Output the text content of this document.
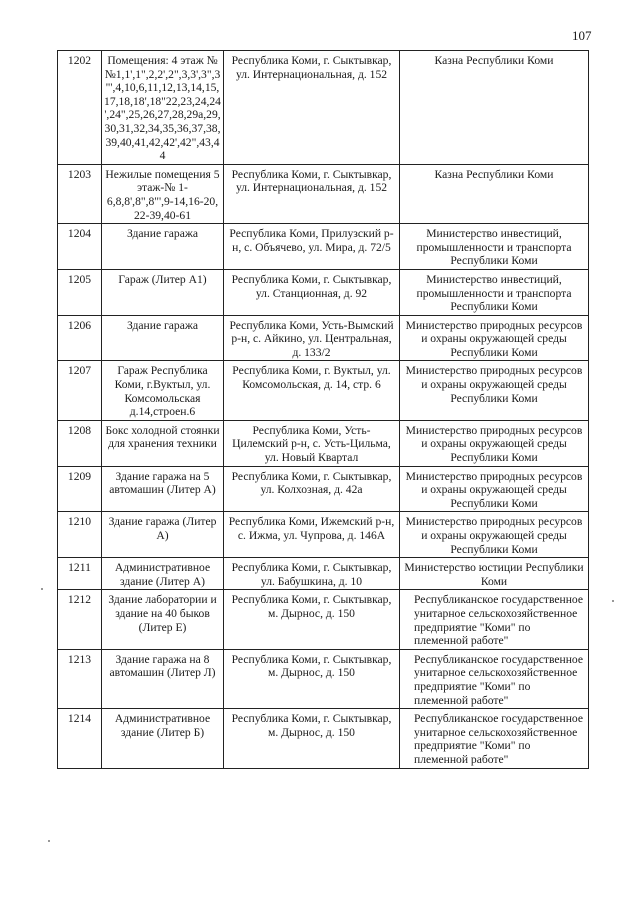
107
1202	Помещения: 4 этаж №№1,1',1",2,2',2",3,3',3",3"',4,10,6,11,12,13,14,15,17,18,18',18"22,23,24,24',24",25,26,27,28,29а,29,30,31,32,34,35,36,37,38,39,40,41,42,42',42",43,44	Республика Коми, г. Сыктывкар, ул. Интернациональная, д. 152	Казна Республики Коми
1203	Нежилые помещения 5 этаж-№ 1-6,8,8',8",8"',9-14,16-20, 22-39,40-61	Республика Коми, г. Сыктывкар, ул. Интернациональная, д. 152	Казна Республики Коми
1204	Здание гаража	Республика Коми, Прилузский р-н, с. Объячево, ул. Мира, д. 72/5	Министерство инвестиций, промышленности и транспорта Республики Коми
1205	Гараж (Литер А1)	Республика Коми, г. Сыктывкар, ул. Станционная, д. 92	Министерство инвестиций, промышленности и транспорта Республики Коми
1206	Здание гаража	Республика Коми, Усть-Вымский р-н, с. Айкино, ул. Центральная, д. 133/2	Министерство природных ресурсов и охраны окружающей среды Республики Коми
1207	Гараж Республика Коми, г.Вуктыл, ул. Комсомольская д.14,строен.6	Республика Коми, г. Вуктыл, ул. Комсомольская, д. 14, стр. 6	Министерство природных ресурсов и охраны окружающей среды Республики Коми
1208	Бокс холодной стоянки для хранения техники	Республика Коми, Усть-Цилемский р-н, с. Усть-Цильма, ул. Новый Квартал	Министерство природных ресурсов и охраны окружающей среды Республики Коми
1209	Здание гаража на 5 автомашин (Литер А)	Республика Коми, г. Сыктывкар, ул. Колхозная, д. 42а	Министерство природных ресурсов и охраны окружающей среды Республики Коми
1210	Здание гаража (Литер А)	Республика Коми, Ижемский р-н, с. Ижма, ул. Чупрова, д. 146А	Министерство природных ресурсов и охраны окружающей среды Республики Коми
1211	Административное здание (Литер А)	Республика Коми, г. Сыктывкар, ул. Бабушкина, д. 10	Министерство юстиции Республики Коми
1212	Здание лаборатории и здание на 40 быков (Литер Е)	Республика Коми, г. Сыктывкар, м. Дырнос, д. 150	Республиканское государственное унитарное сельскохозяйственное предприятие "Коми" по племенной работе"
1213	Здание гаража на 8 автомашин (Литер Л)	Республика Коми, г. Сыктывкар, м. Дырнос, д. 150	Республиканское государственное унитарное сельскохозяйственное предприятие "Коми" по племенной работе"
1214	Административное здание (Литер Б)	Республика Коми, г. Сыктывкар, м. Дырнос, д. 150	Республиканское государственное унитарное сельскохозяйственное предприятие "Коми" по племенной работе"
